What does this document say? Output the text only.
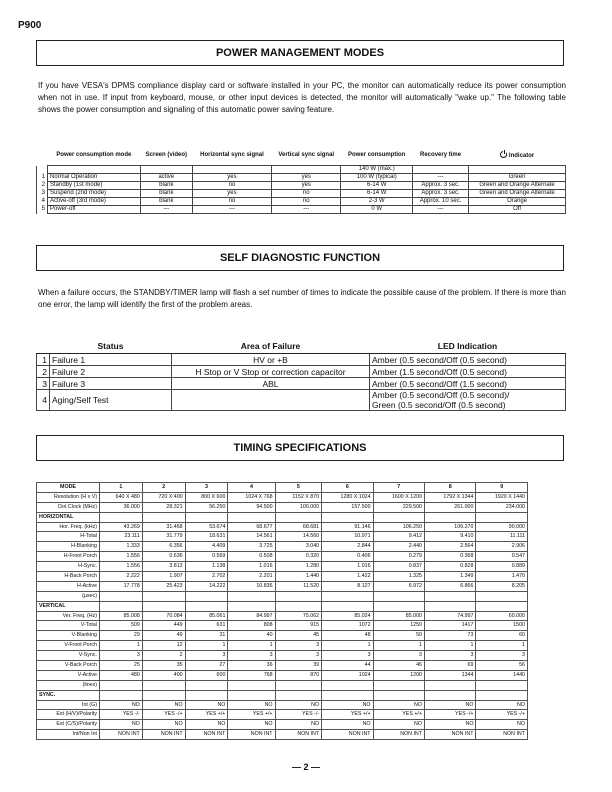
P900
POWER MANAGEMENT MODES
If you have VESA's DPMS compliance display card or software installed in your PC, the monitor can automatically reduce its power consumption when not in use. If input from keyboard, mouse, or other input devices is detected, the monitor will automatically "wake up." The following table shows the power consumption and signaling of this automatic power saving feature.
	Power consumption mode	Screen (video)	Horizontal sync signal	Vertical sync signal	Power consumption	Recovery time	Indicator
					140 W (max.)		
1	Normal Operation	active	yes	yes	100 W (typical)	---	Green
2	Standby (1st mode)	blank	no	yes	6-14 W	Approx. 3 sec.	Green and Orange Alternate
3	Suspend (2nd mode)	blank	yes	no	6-14 W	Approx. 3 sec.	Green and Orange Alternate
4	Active-off (3rd mode)	blank	no	no	2-3 W	Approx. 10 sec.	Orange
5	Power-off	---	---	---	0 W	---	Off
SELF DIAGNOSTIC FUNCTION
When a failure occurs, the STANDBY/TIMER lamp will flash a set number of times to indicate the possible cause of the problem. If there is more than one error, the lamp will identify the first of the problem areas.
	Status	Area of Failure	LED Indication
1	Failure 1	HV or +B	Amber (0.5 second/Off (0.5 second)

2	Failure 2	H Stop or V Stop or correction capacitor	Amber (1.5 second/Off (0.5 second)

3	Failure 3	ABL	Amber (0.5 second/Off (1.5 second)

4	Aging/Self Test		Amber (0.5 second/Off (0.5 second)/
Green (0.5 second/Off (0.5 second)
TIMING SPECIFICATIONS
MODE	1	2	3	4	5	6	7	8	9
Resolution (H x V)	640 X 480	720 X 400	800 X 600	1024 X 768	1152 X 870	1280 X 1024	1600 X 1200	1792 X 1344	1920 X 1440
Dot Clock (MHz)	36.000	28.321	56.250	94.500	100.000	157.500	229.500	261.000	234.000
HORIZONTAL									
Hor. Freq. (kHz)	43.269	31.468	53.674	68.677	68.681	91.146	106.250	106.270	90.000
H-Total	23.111	31.779	18.631	14.561	14.560	10.971	9.412	9.410	11.111
H-Blanking	1.333	6.356	4.409	3.725	3.040	2.844	2.440	2.564	2.906
H-Front Porch	1.556	0.636	0.569	0.508	0.320	0.406	0.279	0.368	0.547
H-Sync.	1.556	3.813	1.138	1.016	1.280	1.016	0.837	0.828	0.889
H-Back Porch	2.222	1.907	2.702	2.201	1.440	1.422	1.325	1.349	1.470
H-Active	17.778	25.423	14.222	10.836	11.520	8.127	6.972	6.866	8.205
(µsec)									
VERTICAL									
Ver. Freq. (Hz)	85.008	70.084	85.061	84.997	75.062	85.024	85.000	74.997	60.000
V-Total	509	449	631	808	915	1072	1250	1417	1500
V-Blanking	29	49	31	40	45	48	50	73	60
V-Front Porch	1	12	1	1	3	1	1	1	1
V-Sync.	3	2	3	3	3	3	3	3	3
V-Back Porch	25	35	27	36	39	44	46	69	56
V-Active	480	400	600	768	870	1024	1200	1344	1440
(lines)									
SYNC.									
Int (G)	NO	NO	NO	NO	NO	NO	NO	NO	NO
Ext (H/V)/Polarity	YES -/-	YES -/+	YES +/+	YES +/+	YES -/-	YES +/+	YES +/+	YES -/+	YES -/+
Ext (C/S)/Polarity	NO	NO	NO	NO	NO	NO	NO	NO	NO
Int/Non Int	NON INT	NON INT	NON INT	NON INT	NON INT	NON INT	NON INT	NON INT	NON INT
— 2 —
